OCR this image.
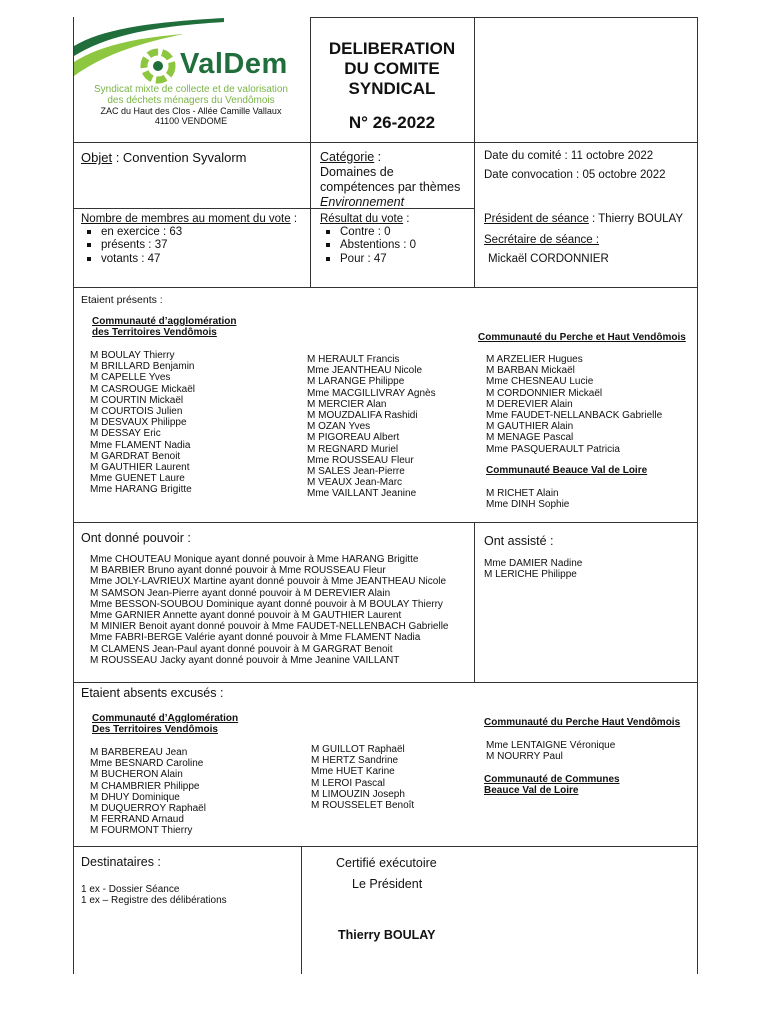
ValDem
Syndicat mixte de collecte et de valorisation
des déchets ménagers du Vendômois
ZAC du Haut des Clos - Allée Camille Vallaux
41100 VENDOME
DELIBERATION
DU COMITE
SYNDICAL
N° 26-2022
Objet : Convention Syvalorm	Catégorie :
Domaines de
compétences par thèmes
Environnement
Date du comité : 11 octobre 2022
Date convocation : 05 octobre 2022
Nombre de membres au moment du vote :
en exercice : 63
présents : 37
votants : 47
Résultat du vote :
Contre : 0
Abstentions : 0
Pour : 47
Président de séance : Thierry BOULAY
Secrétaire de séance :
Mickaël CORDONNIER
Etaient présents :
Communauté d’agglomération
des Territoires Vendômois
M BOULAY Thierry
M BRILLARD Benjamin
M CAPELLE Yves
M CASROUGE Mickaël
M COURTIN Mickaël
M COURTOIS Julien
M DESVAUX Philippe
M DESSAY Eric
Mme FLAMENT Nadia
M GARDRAT Benoit
M GAUTHIER Laurent
Mme GUENET Laure
Mme HARANG Brigitte
M HERAULT Francis
Mme JEANTHEAU Nicole
M LARANGE Philippe
Mme MACGILLIVRAY Agnès
M MERCIER Alan
M MOUZDALIFA Rashidi
M OZAN Yves
M PIGOREAU Albert
M REGNARD Muriel
Mme ROUSSEAU Fleur
M SALES Jean-Pierre
M VEAUX Jean-Marc
Mme VAILLANT Jeanine
Communauté du Perche et Haut Vendômois
M ARZELIER Hugues
M BARBAN Mickaël
Mme CHESNEAU Lucie
M CORDONNIER Mickaël
M DEREVIER Alain
Mme FAUDET-NELLANBACK Gabrielle
M GAUTHIER Alain
M MENAGE Pascal
Mme PASQUERAULT Patricia
Communauté Beauce Val de Loire
M RICHET Alain
Mme DINH Sophie
Ont donné pouvoir :
Mme CHOUTEAU Monique ayant donné pouvoir à Mme HARANG Brigitte
M BARBIER Bruno ayant donné pouvoir à Mme ROUSSEAU Fleur
Mme JOLY-LAVRIEUX Martine ayant donné pouvoir à Mme JEANTHEAU Nicole
M SAMSON Jean-Pierre ayant donné pouvoir à M DEREVIER Alain
Mme BESSON-SOUBOU Dominique ayant donné pouvoir à M BOULAY Thierry
Mme GARNIER Annette ayant donné pouvoir à M GAUTHIER Laurent
M MINIER Benoit ayant donné pouvoir à Mme FAUDET-NELLENBACH Gabrielle
Mme FABRI-BERGE Valérie ayant donné pouvoir à Mme FLAMENT Nadia
M CLAMENS Jean-Paul ayant donné pouvoir à M GARGRAT Benoit
M ROUSSEAU Jacky ayant donné pouvoir à Mme Jeanine VAILLANT
Ont assisté :
Mme DAMIER Nadine
M LERICHE Philippe
Etaient absents excusés :
Communauté d’Agglomération
Des Territoires Vendômois
M BARBEREAU Jean
Mme BESNARD Caroline
M BUCHERON Alain
M CHAMBRIER Philippe
M DHUY Dominique
M DUQUERROY Raphaël
M FERRAND Arnaud
M FOURMONT Thierry
M GUILLOT Raphaël
M HERTZ Sandrine
Mme HUET Karine
M LEROI Pascal
M LIMOUZIN Joseph
M ROUSSELET Benoît
Communauté du Perche Haut Vendômois
Mme LENTAIGNE Véronique
M NOURRY Paul
Communauté de Communes
Beauce Val de Loire
Destinataires :
1 ex - Dossier Séance
1 ex – Registre des délibérations
Certifié exécutoire
Le Président
Thierry BOULAY
